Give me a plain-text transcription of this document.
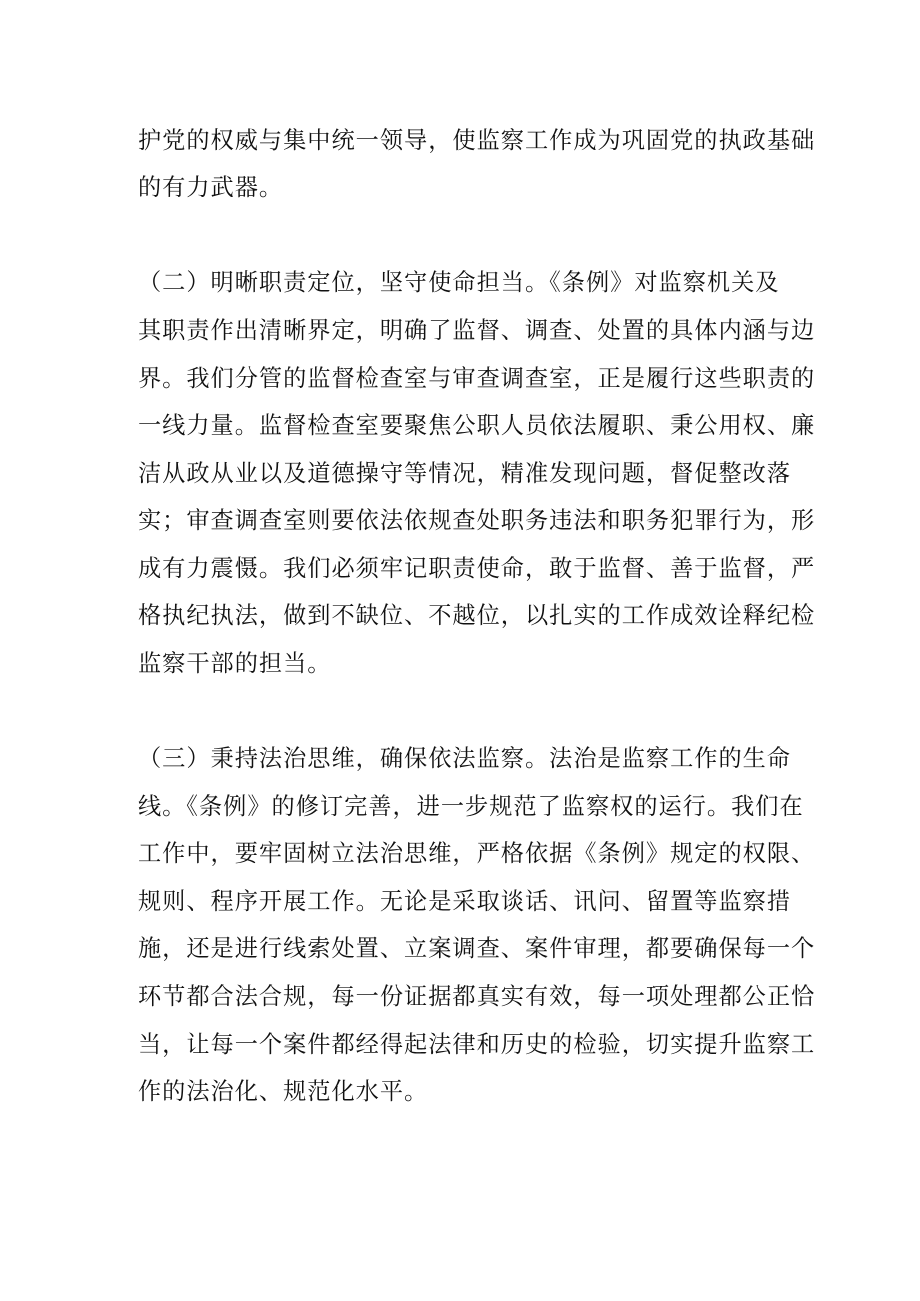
护党的权威与集中统一领导，使监察工作成为巩固党的执政基础
的有力武器。
（二）明晰职责定位，坚守使命担当。《条例》对监察机关及
其职责作出清晰界定，明确了监督、调查、处置的具体内涵与边
界。我们分管的监督检查室与审查调查室，正是履行这些职责的
一线力量。监督检查室要聚焦公职人员依法履职、秉公用权、廉
洁从政从业以及道德操守等情况，精准发现问题，督促整改落
实；审查调查室则要依法依规查处职务违法和职务犯罪行为，形
成有力震慑。我们必须牢记职责使命，敢于监督、善于监督，严
格执纪执法，做到不缺位、不越位，以扎实的工作成效诠释纪检
监察干部的担当。
（三）秉持法治思维，确保依法监察。法治是监察工作的生命
线。《条例》的修订完善，进一步规范了监察权的运行。我们在
工作中，要牢固树立法治思维，严格依据《条例》规定的权限、
规则、程序开展工作。无论是采取谈话、讯问、留置等监察措
施，还是进行线索处置、立案调查、案件审理，都要确保每一个
环节都合法合规，每一份证据都真实有效，每一项处理都公正恰
当，让每一个案件都经得起法律和历史的检验，切实提升监察工
作的法治化、规范化水平。
